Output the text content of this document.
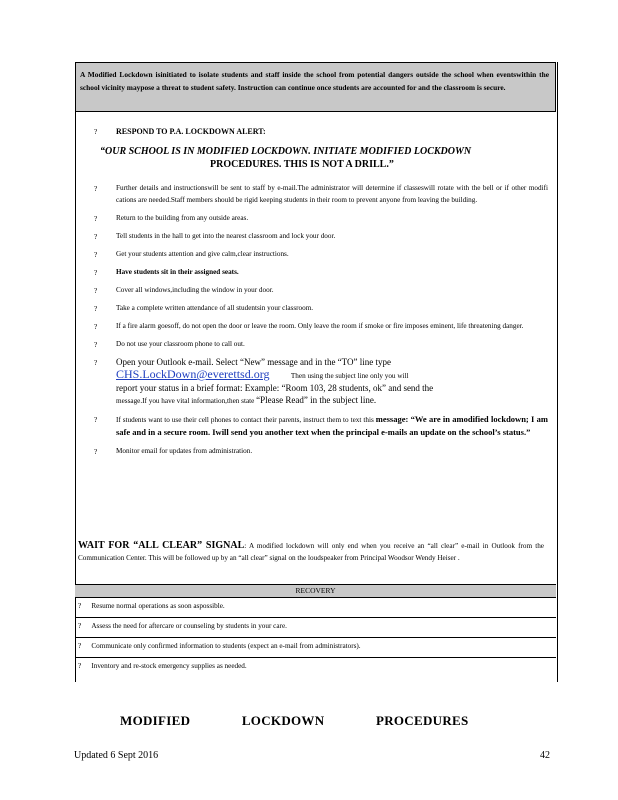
A Modified Lockdown isinitiated to isolate students and staff inside the school from potential dangers outside the school when eventswithin the school vicinity maypose a threat to student safety. Instruction can continue once students are accounted for and the classroom is secure.
? RESPOND TO P.A. LOCKDOWN ALERT:
“OUR SCHOOL IS IN MODIFIED LOCKDOWN. INITIATE MODIFIED LOCKDOWN
PROCEDURES. THIS IS NOT A DRILL.”
?	Further details and instructionswill be sent to staff by e-mail.The administrator will determine if classeswill rotate with the bell or if other modifi cations are needed.Staff members should be rigid keeping students in their room to prevent anyone from leaving the building.
?	Return to the building from any outside areas.
?	Tell students in the hall to get into the nearest classroom and lock your door.
?	Get your students attention and give calm,clear instructions.
?	Have students sit in their assigned seats.
?	Cover all windows,including the window in your door.
?	Take a complete written attendance of all studentsin your classroom.
?	If a fire alarm goesoff, do not open the door or leave the room. Only leave the room if smoke or fire imposes eminent, life threatening danger.
?	Do not use your classroom phone to call out.
? Open your Outlook e-mail. Select “New” message and in the “TO” line type
CHS.LockDown@everettsd.org	Then using the subject line only you will
report your status in a brief format: Example: “Room 103, 28 students, ok” and send the
message.If you have vital information,then state “Please Read” in the subject line.
?	If students want to use their cell phones to contact their parents, instruct them to text this message: “We are in amodified lockdown; I am safe and in a secure room. Iwill send you another text when the principal e-mails an update on the school’s status.”
?	Monitor email for updates from administration.
WAIT FOR “ALL CLEAR” SIGNAL: A modified lockdown will only end when you receive an “all clear” e-mail in Outlook from the Communication Center. This will be followed up by an “all clear” signal on the loudspeaker from Principal Woodsor Wendy Heiser .
RECOVERY
? Resume normal operations as soon aspossible.
? Assess the need for aftercare or counseling by students in your care.
? Communicate only confirmed information to students (expect an e-mail from administrators).
? Inventory and re-stock emergency supplies as needed.
MODIFIED LOCKDOWN PROCEDURES
Updated 6 Sept 2016	42
